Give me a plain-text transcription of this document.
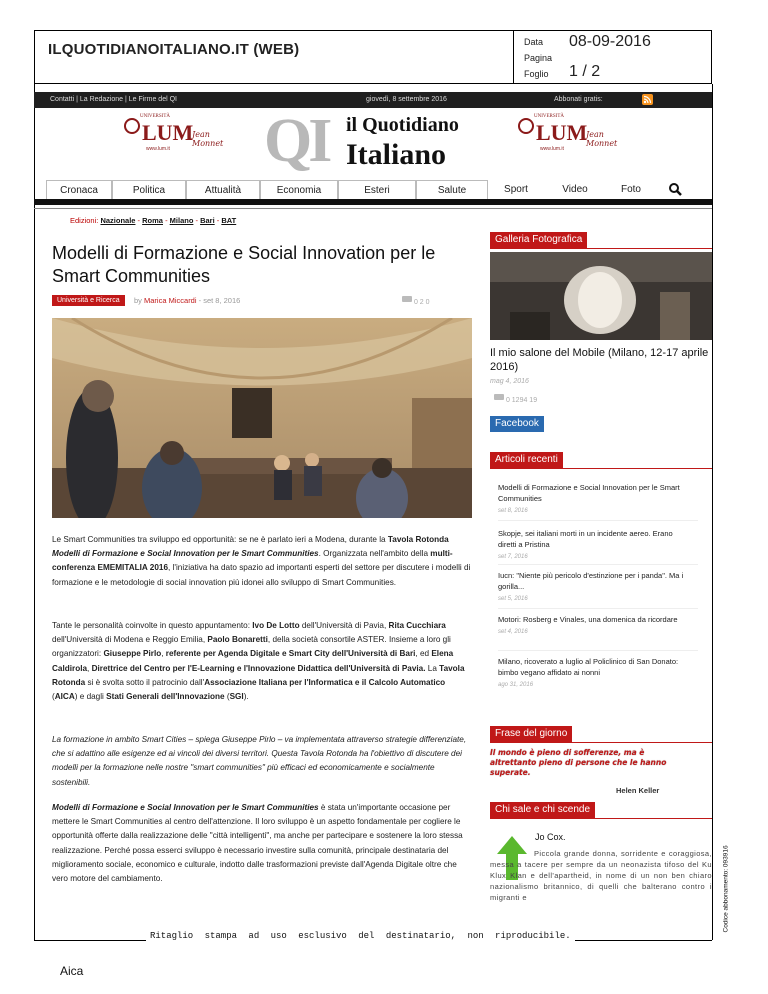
ILQUOTIDIANOITALIANO.IT (WEB)	Data 08-09-2016
Pagina
Foglio 1 / 2
Contatti | La Redazione | Le Firme del QI	giovedì, 8 settembre 2016	Abbonati gratis:
UNIVERSITÀ
LUM
Jean Monnet
www.lum.it QI il Quotidiano
Italiano
UNIVERSITÀ
LUM
Jean Monnet
www.lum.it
Cronaca	Politica	Attualità	Economia	Esteri	Salute	Sport	Video	Foto
Edizioni: Nazionale - Roma - Milano - Bari - BAT
Modelli di Formazione e Social Innovation per le Smart Communities
Università e Ricerca	by Marica Miccardi - set 8, 2016	0 2 0

Le Smart Communities tra sviluppo ed opportunità: se ne è parlato ieri a Modena, durante la Tavola Rotonda Modelli di Formazione e Social Innovation per le Smart Communities. Organizzata nell'ambito della multi-conferenza EMEMITALIA 2016, l'iniziativa ha dato spazio ad importanti esperti del settore per discutere i modelli di formazione e le metodologie di social innovation più idonei allo sviluppo di Smart Communities.

Tante le personalità coinvolte in questo appuntamento: Ivo De Lotto dell'Università di Pavia, Rita Cucchiara dell'Università di Modena e Reggio Emilia, Paolo Bonaretti, della società consortile ASTER. Insieme a loro gli organizzatori: Giuseppe Pirlo, referente per Agenda Digitale e Smart City dell'Università di Bari, ed Elena Caldirola, Direttrice del Centro per l'E-Learning e l'Innovazione Didattica dell'Università di Pavia. La Tavola Rotonda si è svolta sotto il patrocinio dall'Associazione Italiana per l'Informatica e il Calcolo Automatico (AICA) e dagli Stati Generali dell'Innovazione (SGI).

La formazione in ambito Smart Cities – spiega Giuseppe Pirlo – va implementata attraverso strategie differenziate, che si adattino alle esigenze ed ai vincoli dei diversi territori. Questa Tavola Rotonda ha l'obiettivo di discutere dei modelli per la formazione nelle nostre "smart communities" più efficaci ed economicamente e socialmente sostenibili.

Modelli di Formazione e Social Innovation per le Smart Communities è stata un'importante occasione per mettere le Smart Communities al centro dell'attenzione. Il loro sviluppo è un aspetto fondamentale per cogliere le opportunità offerte dalla realizzazione delle "città intelligenti", ma anche per partecipare e sostenere la loro stessa realizzazione. Perché possa esserci sviluppo è necessario investire sulla comunità, principale destinataria del miglioramento sociale, economico e culturale, indotto dalle trasformazioni previste dall'Agenda Digitale oltre che vero motore del cambiamento.

Galleria Fotografica
Il mio salone del Mobile (Milano, 12-17 aprile 2016)
mag 4, 2016
0 1294 19
Facebook
Articoli recenti
Modelli di Formazione e Social Innovation per le Smart Communities
set 8, 2016
Skopje, sei italiani morti in un incidente aereo. Erano diretti a Pristina
set 7, 2016
Iucn: "Niente più pericolo d'estinzione per i panda". Ma i gorilla...
set 5, 2016
Motori: Rosberg e Vinales, una domenica da ricordare
set 4, 2016
Milano, ricoverato a luglio al Policlinico di San Donato: bimbo vegano affidato ai nonni
ago 31, 2016
Frase del giorno
Il mondo è pieno di sofferenze, ma è altrettanto pieno di persone che le hanno superate.
Helen Keller
Chi sale e chi scende
Jo Cox.
Piccola grande donna, sorridente e coraggiosa, messa a tacere per sempre da un neonazista tifoso del Ku Klux Klan e dell'apartheid, in nome di un non ben chiaro nazionalismo britannico, di quelli che balterano contro i migranti e	Codice abbonamento: 093916
Ritaglio stampa ad uso esclusivo del destinatario, non riproducibile.
Aica
